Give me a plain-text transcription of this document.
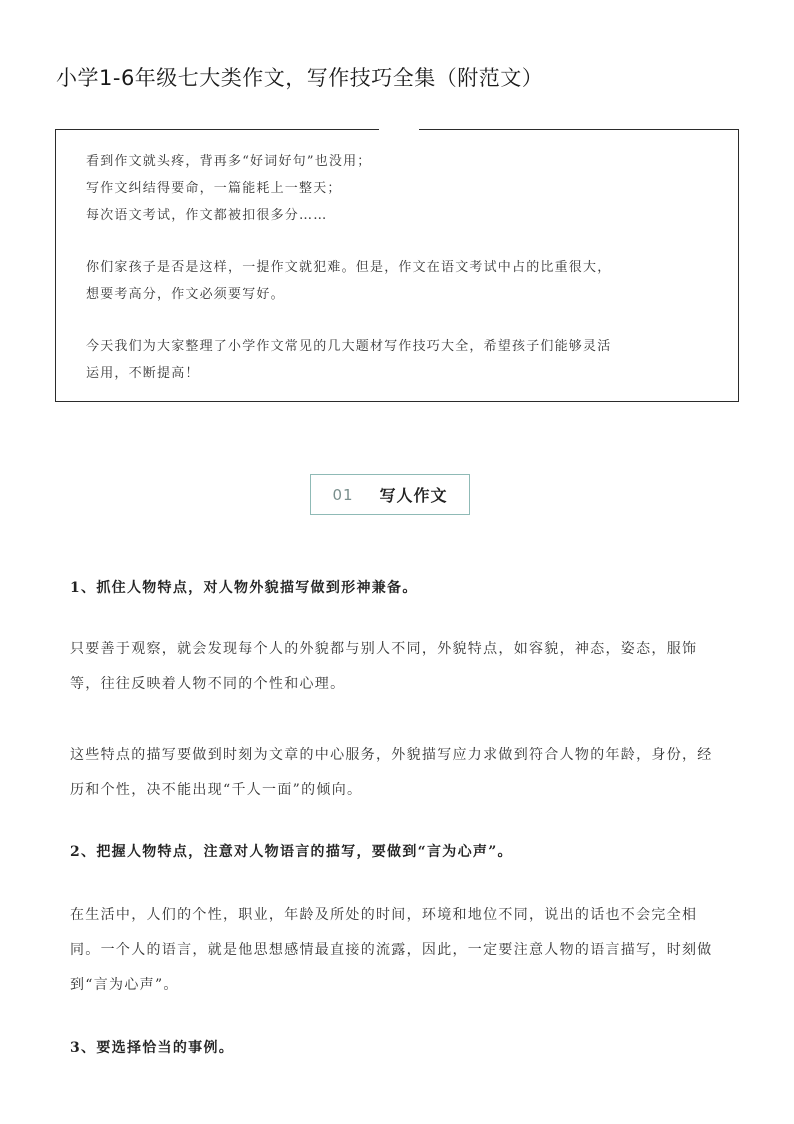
小学1-6年级七大类作文，写作技巧全集（附范文）

看到作文就头疼，背再多“好词好句”也没用；

写作文纠结得要命，一篇能耗上一整天；

每次语文考试，作文都被扣很多分……

你们家孩子是否是这样，一提作文就犯难。但是，作文在语文考试中占的比重很大，

想要考高分，作文必须要写好。

今天我们为大家整理了小学作文常见的几大题材写作技巧大全，希望孩子们能够灵活

运用，不断提高！

01 写人作文

1、抓住人物特点，对人物外貌描写做到形神兼备。

只要善于观察，就会发现每个人的外貌都与别人不同，外貌特点，如容貌，神态，姿态，服饰

等，往往反映着人物不同的个性和心理。

这些特点的描写要做到时刻为文章的中心服务，外貌描写应力求做到符合人物的年龄，身份，经

历和个性，决不能出现“千人一面”的倾向。

2、把握人物特点，注意对人物语言的描写，要做到“言为心声”。

在生活中，人们的个性，职业，年龄及所处的时间，环境和地位不同，说出的话也不会完全相

同。一个人的语言，就是他思想感情最直接的流露，因此，一定要注意人物的语言描写，时刻做

到“言为心声”。

3、要选择恰当的事例。
